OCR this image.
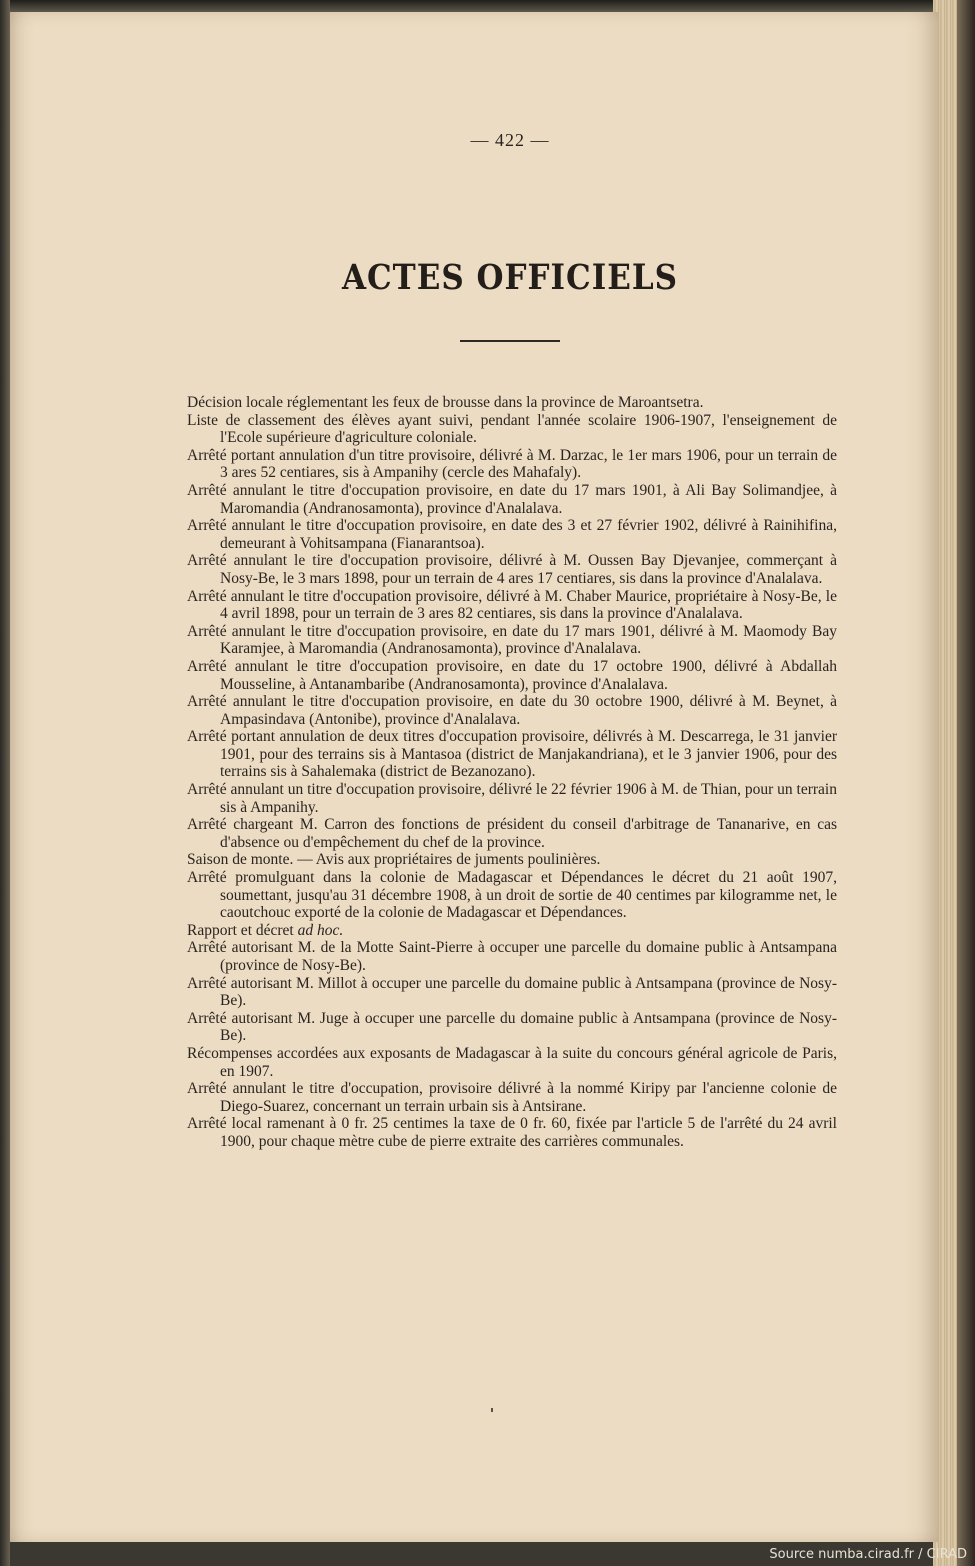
— 422 —
ACTES OFFICIELS
Décision locale réglementant les feux de brousse dans la province de Maroantsetra.
Liste de classement des élèves ayant suivi, pendant l'année scolaire 1906-1907, l'enseignement de l'Ecole supérieure d'agriculture coloniale.
Arrêté portant annulation d'un titre provisoire, délivré à M. Darzac, le 1er mars 1906, pour un terrain de 3 ares 52 centiares, sis à Ampanihy (cercle des Mahafaly).
Arrêté annulant le titre d'occupation provisoire, en date du 17 mars 1901, à Ali Bay Solimandjee, à Maromandia (Andranosamonta), province d'Analalava.
Arrêté annulant le titre d'occupation provisoire, en date des 3 et 27 février 1902, délivré à Rainihifina, demeurant à Vohitsampana (Fianarantsoa).
Arrêté annulant le tire d'occupation provisoire, délivré à M. Oussen Bay Djevanjee, commerçant à Nosy-Be, le 3 mars 1898, pour un terrain de 4 ares 17 centiares, sis dans la province d'Analalava.
Arrêté annulant le titre d'occupation provisoire, délivré à M. Chaber Maurice, propriétaire à Nosy-Be, le 4 avril 1898, pour un terrain de 3 ares 82 centiares, sis dans la province d'Analalava.
Arrêté annulant le titre d'occupation provisoire, en date du 17 mars 1901, délivré à M. Maomody Bay Karamjee, à Maromandia (Andranosamonta), province d'Analalava.
Arrêté annulant le titre d'occupation provisoire, en date du 17 octobre 1900, délivré à Abdallah Mousseline, à Antanambaribe (Andranosamonta), province d'Analalava.
Arrêté annulant le titre d'occupation provisoire, en date du 30 octobre 1900, délivré à M. Beynet, à Ampasindava (Antonibe), province d'Analalava.
Arrêté portant annulation de deux titres d'occupation provisoire, délivrés à M. Descarrega, le 31 janvier 1901, pour des terrains sis à Mantasoa (district de Manjakandriana), et le 3 janvier 1906, pour des terrains sis à Sahalemaka (district de Bezanozano).
Arrêté annulant un titre d'occupation provisoire, délivré le 22 février 1906 à M. de Thian, pour un terrain sis à Ampanihy.
Arrêté chargeant M. Carron des fonctions de président du conseil d'arbitrage de Tananarive, en cas d'absence ou d'empêchement du chef de la province.
Saison de monte. — Avis aux propriétaires de juments poulinières.
Arrêté promulguant dans la colonie de Madagascar et Dépendances le décret du 21 août 1907, soumettant, jusqu'au 31 décembre 1908, à un droit de sortie de 40 centimes par kilogramme net, le caoutchouc exporté de la colonie de Madagascar et Dépendances.
Rapport et décret ad hoc.
Arrêté autorisant M. de la Motte Saint-Pierre à occuper une parcelle du domaine public à Antsampana (province de Nosy-Be).
Arrêté autorisant M. Millot à occuper une parcelle du domaine public à Antsampana (province de Nosy-Be).
Arrêté autorisant M. Juge à occuper une parcelle du domaine public à Antsampana (province de Nosy-Be).
Récompenses accordées aux exposants de Madagascar à la suite du concours général agricole de Paris, en 1907.
Arrêté annulant le titre d'occupation, provisoire délivré à la nommé Kiripy par l'ancienne colonie de Diego-Suarez, concernant un terrain urbain sis à Antsirane.
Arrêté local ramenant à 0 fr. 25 centimes la taxe de 0 fr. 60, fixée par l'article 5 de l'arrêté du 24 avril 1900, pour chaque mètre cube de pierre extraite des carrières communales.
Source numba.cirad.fr / CIRAD
